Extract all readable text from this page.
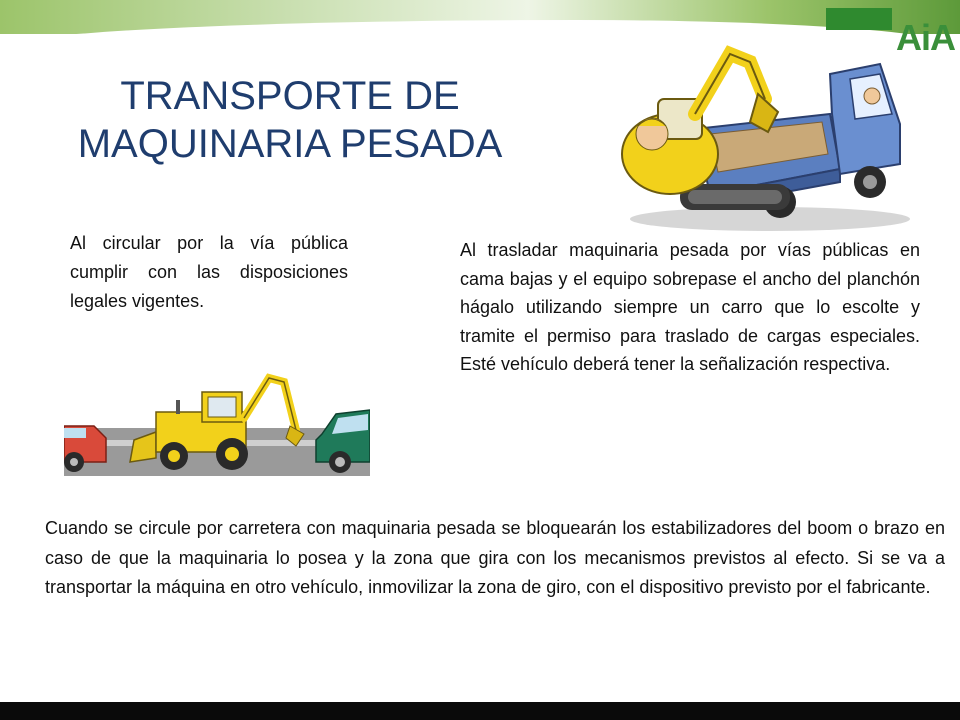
AiA
TRANSPORTE DE MAQUINARIA PESADA
Al circular por la vía pública cumplir con las disposiciones legales vigentes.
Al trasladar maquinaria pesada por vías públicas en cama bajas y el equipo sobrepase el ancho del planchón hágalo utilizando siempre un carro que lo escolte y tramite el permiso para traslado de cargas especiales. Esté vehículo deberá tener la señalización respectiva.
Cuando se circule por carretera con maquinaria pesada se bloquearán los estabilizadores del boom o brazo en caso de que la maquinaria lo posea y la zona que gira con los mecanismos previstos al efecto. Si se va a transportar la máquina en otro vehículo, inmovilizar la zona de giro, con el dispositivo previsto por el fabricante.
